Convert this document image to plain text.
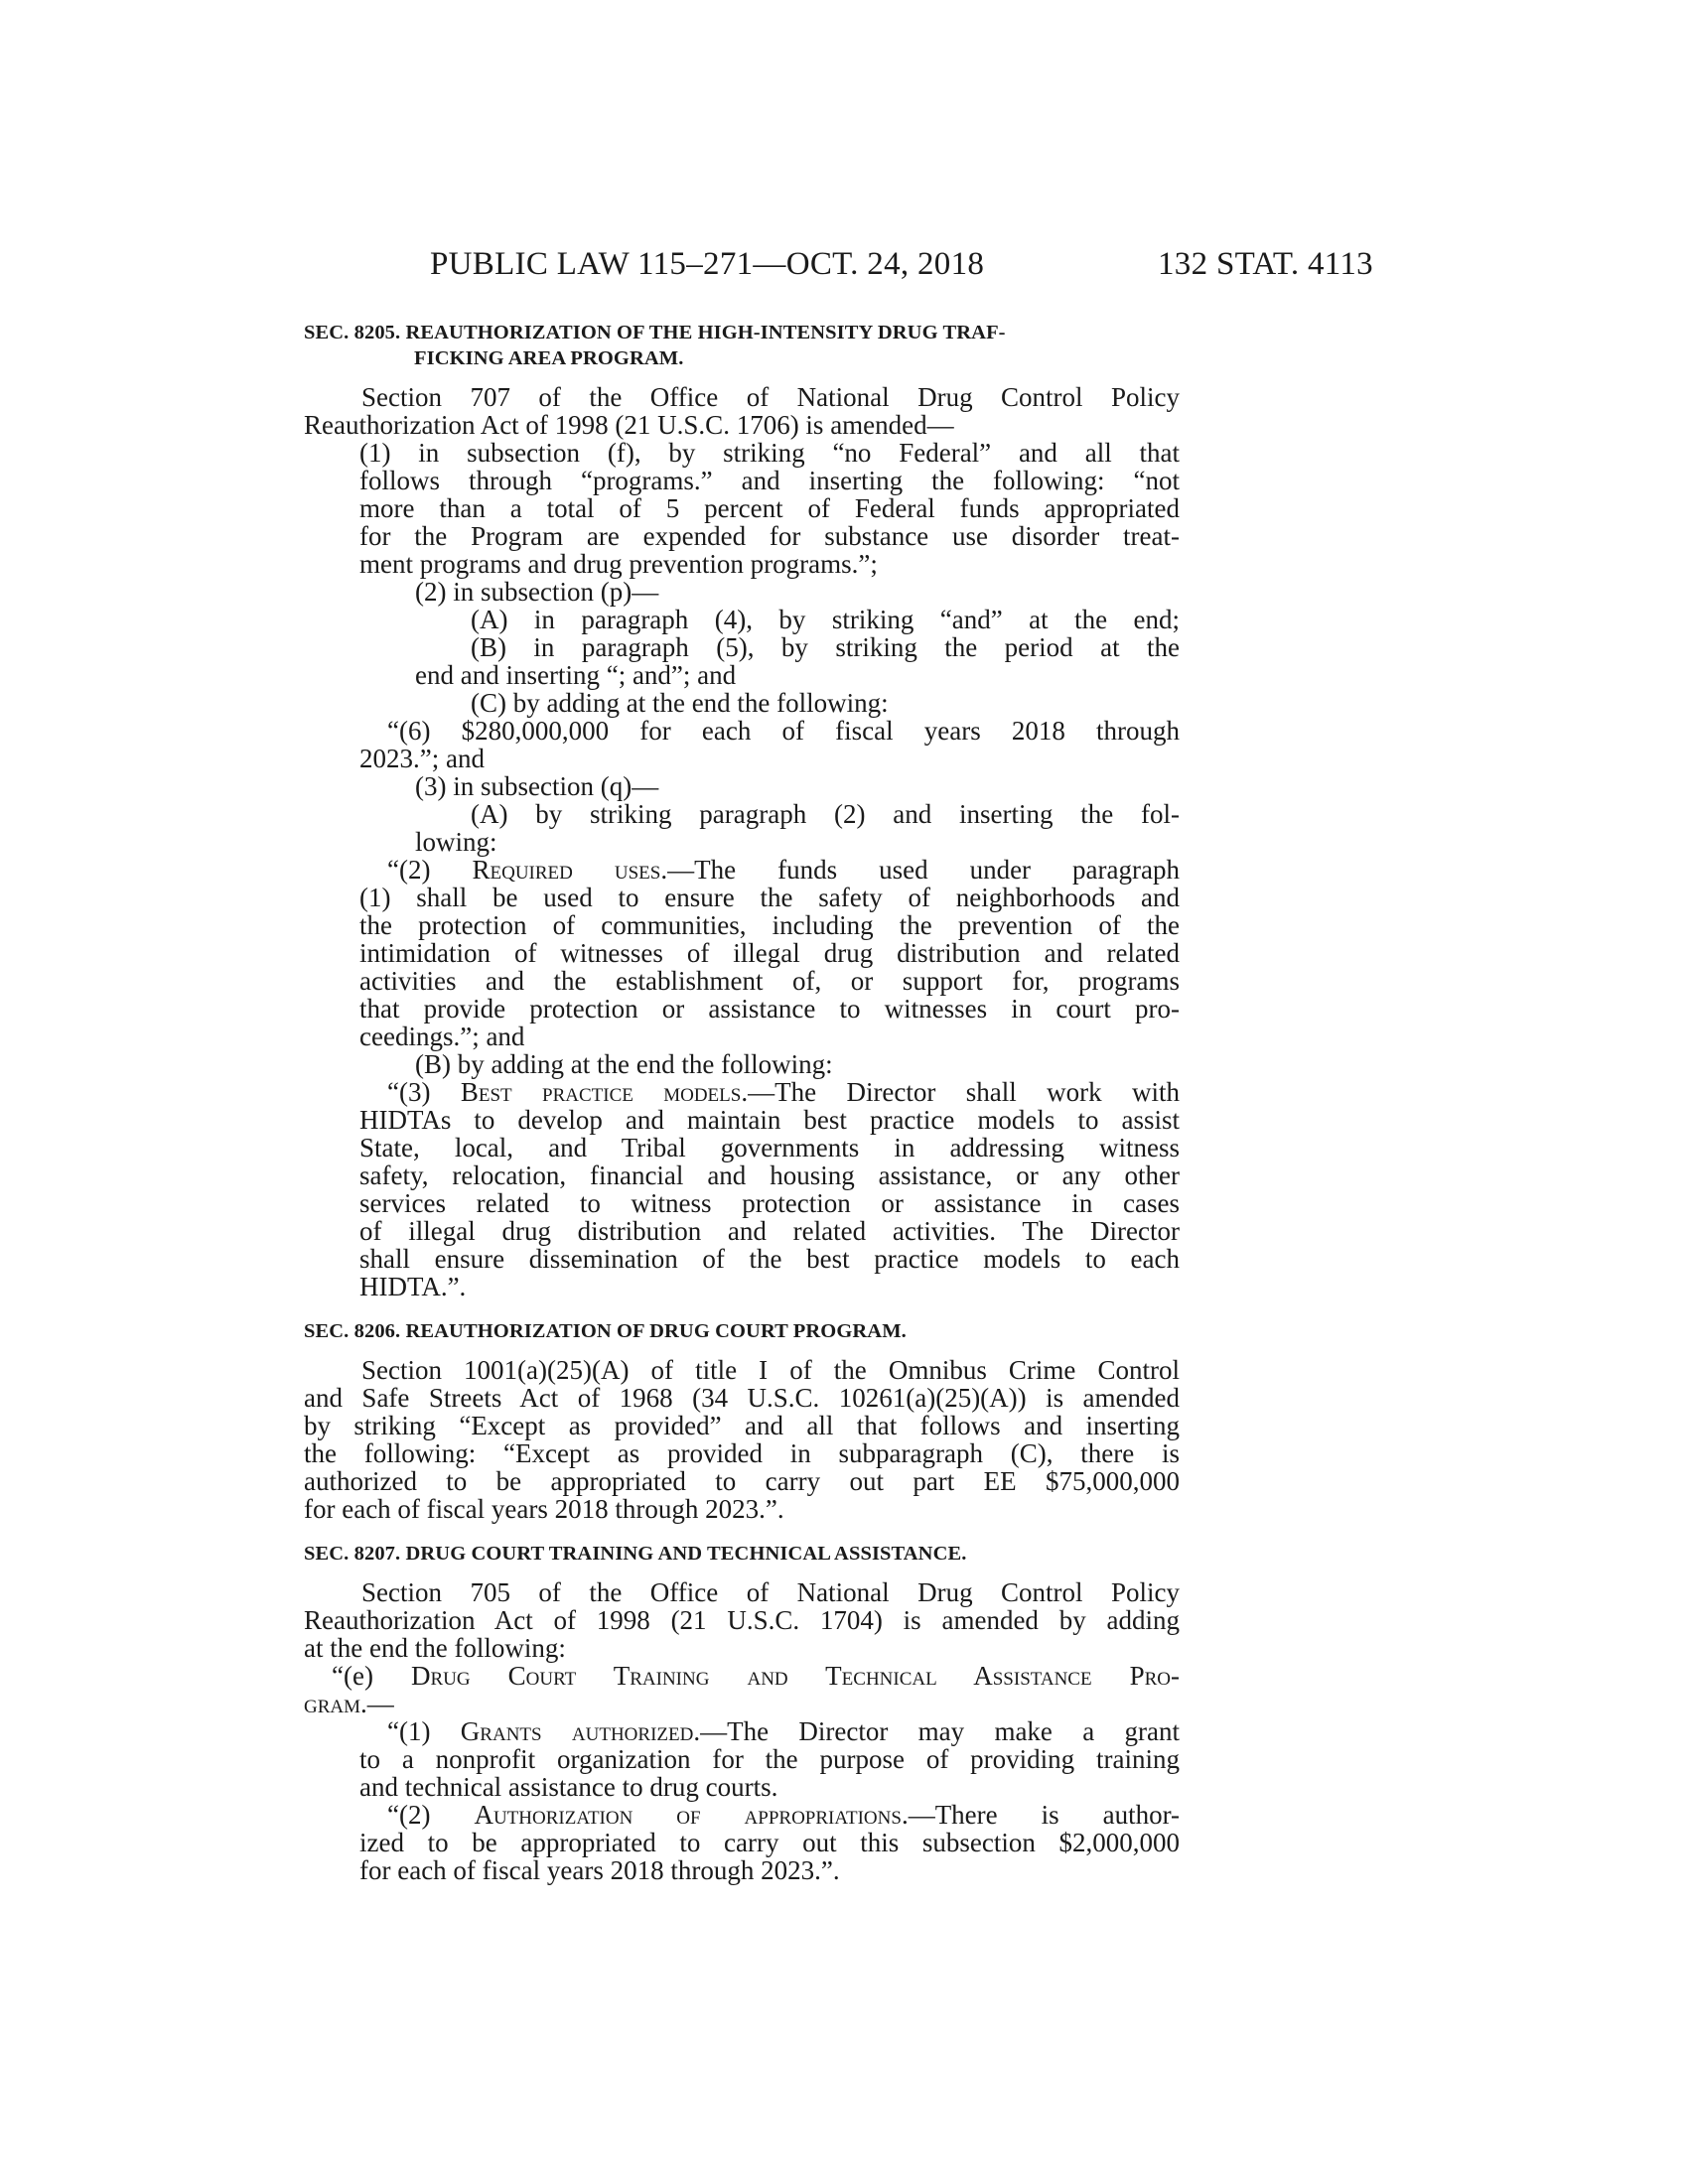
PUBLIC LAW 115–271—OCT. 24, 2018	132 STAT. 4113
SEC. 8205. REAUTHORIZATION OF THE HIGH-INTENSITY DRUG TRAF-
FICKING AREA PROGRAM.
Section 707 of the Office of National Drug Control Policy
Reauthorization Act of 1998 (21 U.S.C. 1706) is amended—
(1) in subsection (f), by striking “no Federal” and all that
follows through “programs.” and inserting the following: “not
more than a total of 5 percent of Federal funds appropriated
for the Program are expended for substance use disorder treat-
ment programs and drug prevention programs.”;
(2) in subsection (p)—
(A) in paragraph (4), by striking “and” at the end;
(B) in paragraph (5), by striking the period at the
end and inserting “; and”; and
(C) by adding at the end the following:
“(6) $280,000,000 for each of fiscal years 2018 through
2023.”; and
(3) in subsection (q)—
(A) by striking paragraph (2) and inserting the fol-
lowing:
“(2) Required uses.—The funds used under paragraph
(1) shall be used to ensure the safety of neighborhoods and
the protection of communities, including the prevention of the
intimidation of witnesses of illegal drug distribution and related
activities and the establishment of, or support for, programs
that provide protection or assistance to witnesses in court pro-
ceedings.”; and
(B) by adding at the end the following:
“(3) Best practice models.—The Director shall work with
HIDTAs to develop and maintain best practice models to assist
State, local, and Tribal governments in addressing witness
safety, relocation, financial and housing assistance, or any other
services related to witness protection or assistance in cases
of illegal drug distribution and related activities. The Director
shall ensure dissemination of the best practice models to each
HIDTA.”.
SEC. 8206. REAUTHORIZATION OF DRUG COURT PROGRAM.
Section 1001(a)(25)(A) of title I of the Omnibus Crime Control
and Safe Streets Act of 1968 (34 U.S.C. 10261(a)(25)(A)) is amended
by striking “Except as provided” and all that follows and inserting
the following: “Except as provided in subparagraph (C), there is
authorized to be appropriated to carry out part EE $75,000,000
for each of fiscal years 2018 through 2023.”.
SEC. 8207. DRUG COURT TRAINING AND TECHNICAL ASSISTANCE.
Section 705 of the Office of National Drug Control Policy
Reauthorization Act of 1998 (21 U.S.C. 1704) is amended by adding
at the end the following:
“(e) Drug Court Training and Technical Assistance Pro-
gram.—
“(1) Grants authorized.—The Director may make a grant
to a nonprofit organization for the purpose of providing training
and technical assistance to drug courts.
“(2) Authorization of appropriations.—There is author-
ized to be appropriated to carry out this subsection $2,000,000
for each of fiscal years 2018 through 2023.”.
